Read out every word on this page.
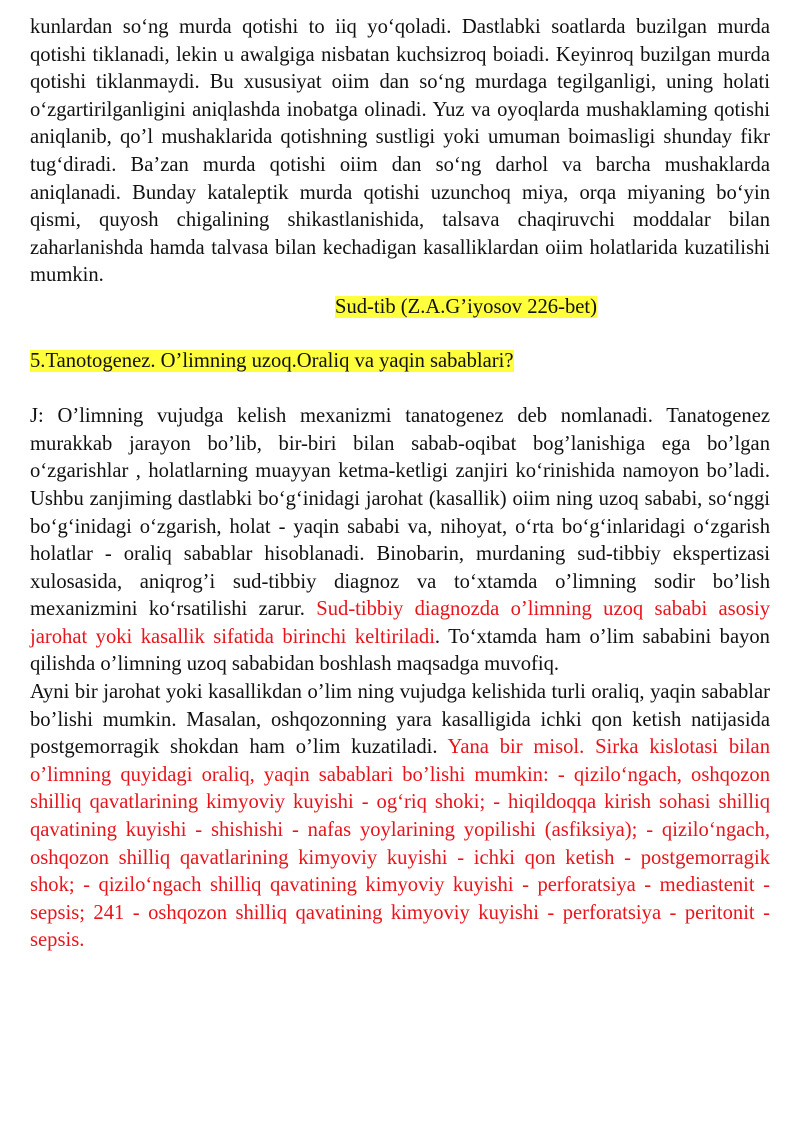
kunlardan so‘ng murda qotishi to iiq yo‘qoladi. Dastlabki soatlarda buzilgan murda qotishi tiklanadi, lekin u awalgiga nisbatan kuchsizroq boiadi. Keyinroq buzilgan murda qotishi tiklanmaydi. Bu xususiyat oiim dan so‘ng murdaga tegilganligi, uning holati o‘zgartirilganligini aniqlashda inobatga olinadi. Yuz va oyoqlarda mushaklaming qotishi aniqlanib, qo’l mushaklarida qotishning sustligi yoki umuman boimasligi shunday fikr tug‘diradi. Ba’zan murda qotishi oiim dan so‘ng darhol va barcha mushaklarda aniqlanadi. Bunday kataleptik murda qotishi uzunchoq miya, orqa miyaning bo‘yin qismi, quyosh chigalining shikastlanishida, talsava chaqiruvchi moddalar bilan zaharlanishda hamda talvasa bilan kechadigan kasalliklardan oiim holatlarida kuzatilishi mumkin.

Sud-tib (Z.A.G’iyosov 226-bet)

5.Tanotogenez. O’limning uzoq.Oraliq va yaqin sabablari?

J: O’limning vujudga kelish mexanizmi tanatogenez deb nomlanadi. Tanatogenez murakkab jarayon bo’lib, bir-biri bilan sabab-oqibat bog’lanishiga ega bo’lgan o‘zgarishlar , holatlarning muayyan ketma-ketligi zanjiri ko‘rinishida namoyon bo’ladi. Ushbu zanjiming dastlabki bo‘g‘inidagi jarohat (kasallik) oiim ning uzoq sababi, so‘nggi bo‘g‘inidagi o‘zgarish, holat - yaqin sababi va, nihoyat, o‘rta bo‘g‘inlaridagi o‘zgarish holatlar - oraliq sabablar hisoblanadi. Binobarin, murdaning sud-tibbiy ekspertizasi xulosasida, aniqrog’i sud-tibbiy diagnoz va to‘xtamda o’limning sodir bo’lish mexanizmini ko‘rsatilishi zarur. Sud-tibbiy diagnozda o’limning uzoq sababi asosiy jarohat yoki kasallik sifatida birinchi keltiriladi. To‘xtamda ham o’lim sababini bayon qilishda o’limning uzoq sababidan boshlash maqsadga muvofiq.

Ayni bir jarohat yoki kasallikdan o’lim ning vujudga kelishida turli oraliq, yaqin sabablar bo’lishi mumkin. Masalan, oshqozonning yara kasalligida ichki qon ketish natijasida postgemorragik shokdan ham o’lim kuzatiladi. Yana bir misol. Sirka kislotasi bilan o’limning quyidagi oraliq, yaqin sabablari bo’lishi mumkin: - qizilo‘ngach, oshqozon shilliq qavatlarining kimyoviy kuyishi - og‘riq shoki; - hiqildoqqa kirish sohasi shilliq qavatining kuyishi - shishishi - nafas yoylarining yopilishi (asfiksiya); - qizilo‘ngach, oshqozon shilliq qavatlarining kimyoviy kuyishi - ichki qon ketish - postgemorragik shok; - qizilo‘ngach shilliq qavatining kimyoviy kuyishi - perforatsiya - mediastenit - sepsis; 241 - oshqozon shilliq qavatining kimyoviy kuyishi - perforatsiya - peritonit - sepsis.
